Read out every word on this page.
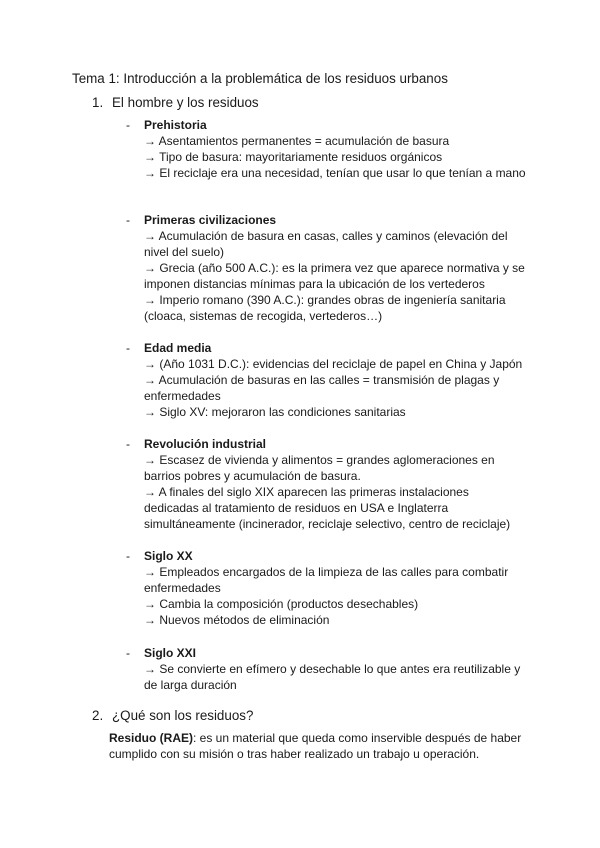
Tema 1: Introducción a la problemática de los residuos urbanos
1. El hombre y los residuos
- Prehistoria
→ Asentamientos permanentes = acumulación de basura
→ Tipo de basura: mayoritariamente residuos orgánicos
→ El reciclaje era una necesidad, tenían que usar lo que tenían a mano
- Primeras civilizaciones
→ Acumulación de basura en casas, calles y caminos (elevación del nivel del suelo)
→ Grecia (año 500 A.C.): es la primera vez que aparece normativa y se imponen distancias mínimas para la ubicación de los vertederos
→ Imperio romano (390 A.C.): grandes obras de ingeniería sanitaria (cloaca, sistemas de recogida, vertederos…)
- Edad media
→ (Año 1031 D.C.): evidencias del reciclaje de papel en China y Japón
→ Acumulación de basuras en las calles = transmisión de plagas y enfermedades
→ Siglo XV: mejoraron las condiciones sanitarias
- Revolución industrial
→ Escasez de vivienda y alimentos = grandes aglomeraciones en barrios pobres y acumulación de basura.
→ A finales del siglo XIX aparecen las primeras instalaciones dedicadas al tratamiento de residuos en USA e Inglaterra simultáneamente (incinerador, reciclaje selectivo, centro de reciclaje)
- Siglo XX
→ Empleados encargados de la limpieza de las calles para combatir enfermedades
→ Cambia la composición (productos desechables)
→ Nuevos métodos de eliminación
- Siglo XXI
→ Se convierte en efímero y desechable lo que antes era reutilizable y de larga duración
2. ¿Qué son los residuos?
Residuo (RAE): es un material que queda como inservible después de haber cumplido con su misión o tras haber realizado un trabajo u operación.
